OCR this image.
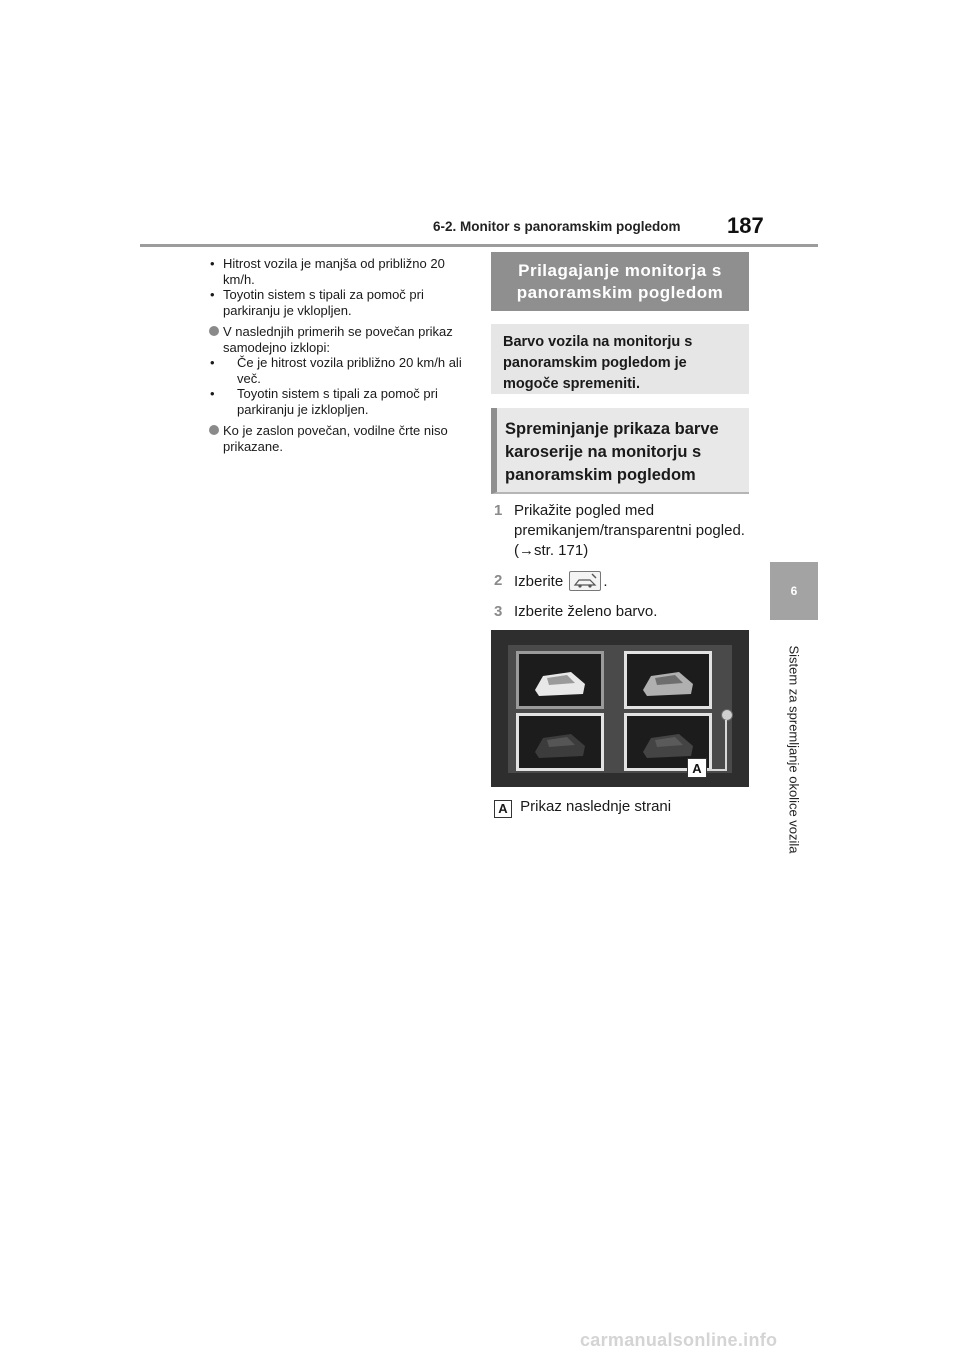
6-2. Monitor s panoramskim pogledom	187
6
Sistem za spremljanje okolice vozila
• Hitrost vozila je manjša od približno 20 km/h.
• Toyotin sistem s tipali za pomoč pri parkiranju je vklopljen.
V naslednjih primerih se povečan prikaz samodejno izklopi:
• Če je hitrost vozila približno 20 km/h ali več.
• Toyotin sistem s tipali za pomoč pri parkiranju je izklopljen.
Ko je zaslon povečan, vodilne črte niso prikazane.
Prilagajanje monitorja s panoramskim pogledom
Barvo vozila na monitorju s panoramskim pogledom je mogoče spremeniti.
Spreminjanje prikaza barve karoserije na monitorju s panoramskim pogledom
1 Prikažite pogled med premikanjem/transparentni pogled. (→str. 171)
2 Izberite	.
3 Izberite želeno barvo.
A
A Prikaz naslednje strani
carmanualsonline.info
